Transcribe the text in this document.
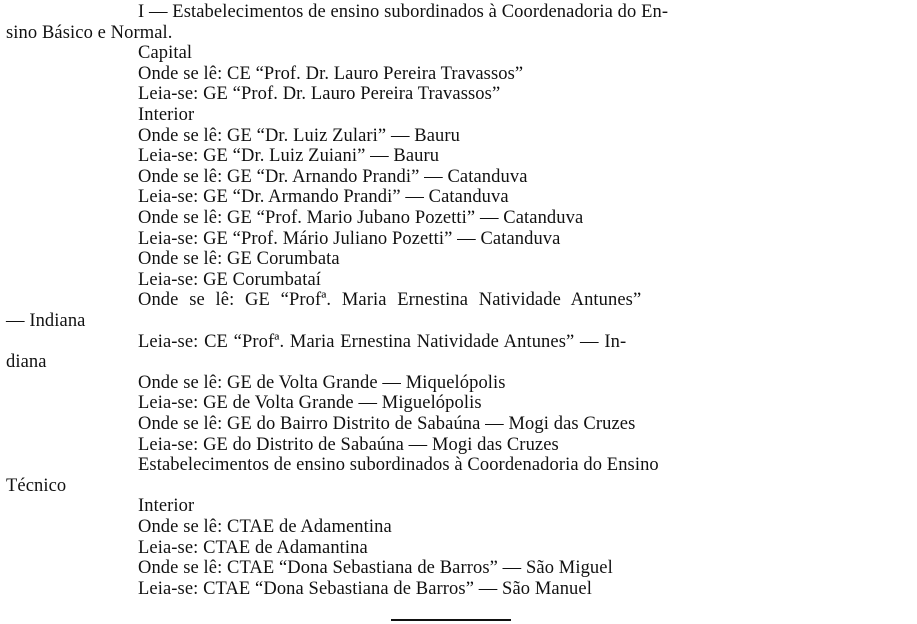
I — Estabelecimentos de ensino subordinados à Coordenadoria do En-

sino Básico e Normal.

Capital

Onde se lê: CE “Prof. Dr. Lauro Pereira Travassos”

Leia-se: GE “Prof. Dr. Lauro Pereira Travassos”

Interior

Onde se lê: GE “Dr. Luiz Zulari” — Bauru

Leia-se: GE “Dr. Luiz Zuiani” — Bauru

Onde se lê: GE “Dr. Arnando Prandi” — Catanduva

Leia-se: GE “Dr. Armando Prandi” — Catanduva

Onde se lê: GE “Prof. Mario Jubano Pozetti” — Catanduva

Leia-se: GE “Prof. Mário Juliano Pozetti” — Catanduva

Onde se lê: GE Corumbata

Leia-se: GE Corumbataí

Onde se lê: GE “Profª. Maria Ernestina Natividade Antunes”

— Indiana

Leia-se: CE “Profª. Maria Ernestina Natividade Antunes” — In-

diana

Onde se lê: GE de Volta Grande — Miquelópolis

Leia-se: GE de Volta Grande — Miguelópolis

Onde se lê: GE do Bairro Distrito de Sabaúna — Mogi das Cruzes

Leia-se: GE do Distrito de Sabaúna — Mogi das Cruzes

Estabelecimentos de ensino subordinados à Coordenadoria do Ensino

Técnico

Interior

Onde se lê: CTAE de Adamentina

Leia-se: CTAE de Adamantina

Onde se lê: CTAE “Dona Sebastiana de Barros” — São Miguel

Leia-se: CTAE “Dona Sebastiana de Barros” — São Manuel
